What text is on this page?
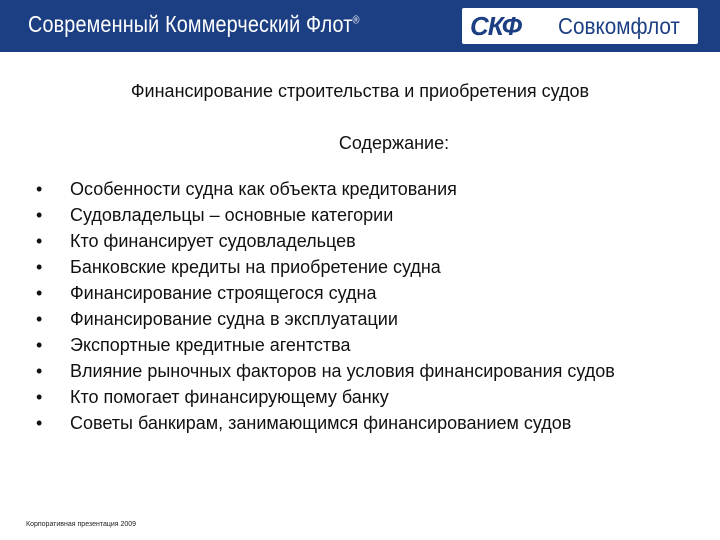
Современный Коммерческий Флот®	СКФ Совкомфлот
Финансирование строительства и приобретения судов
Содержание:
•	Особенности судна как объекта кредитования
•	Судовладельцы – основные категории
•	Кто финансирует судовладельцев
•	Банковские кредиты на приобретение судна
•	Финансирование строящегося судна
•	Финансирование судна в эксплуатации
•	Экспортные кредитные агентства
•	Влияние рыночных факторов на условия финансирования судов
•	Кто помогает финансирующему банку
•	Советы банкирам, занимающимся финансированием судов
Корпоративная презентация 2009
